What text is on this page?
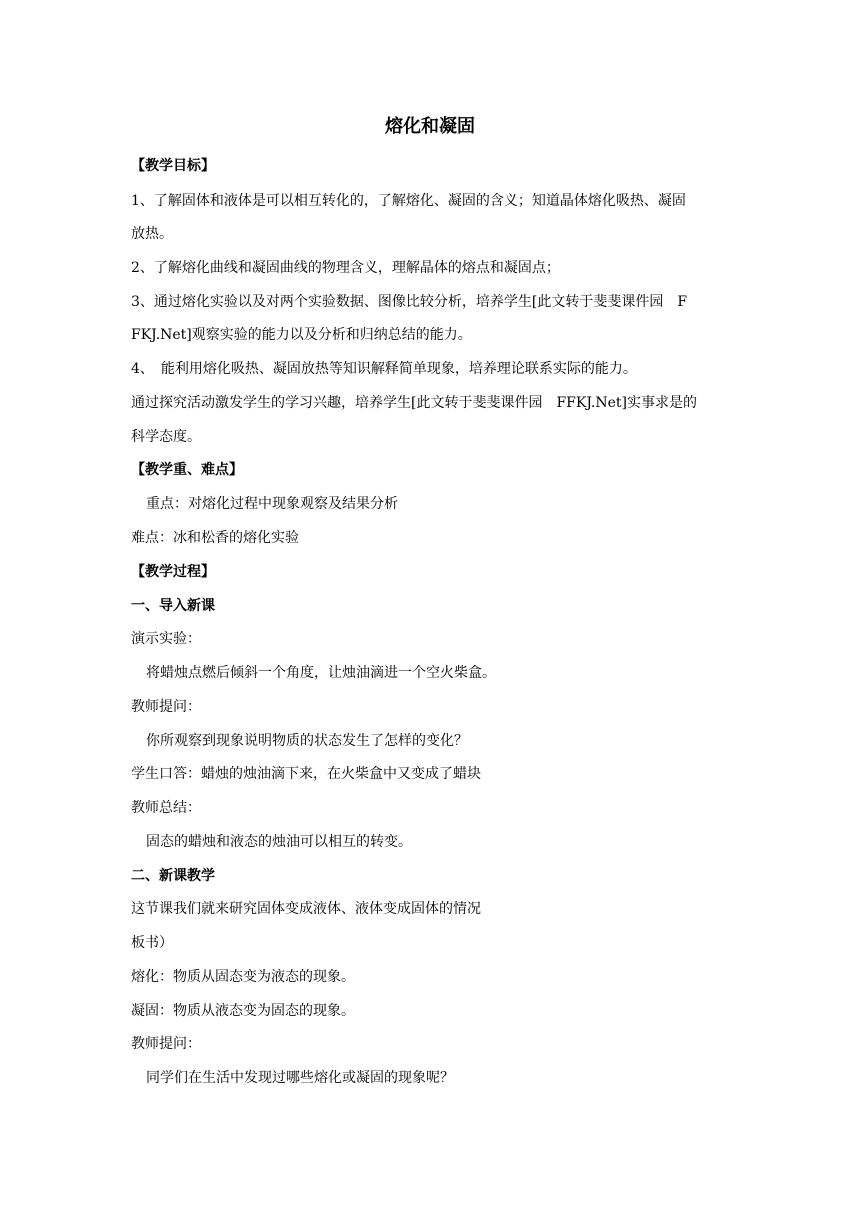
熔化和凝固
【教学目标】
1、了解固体和液体是可以相互转化的，了解熔化、凝固的含义；知道晶体熔化吸热、凝固
放热。
2、了解熔化曲线和凝固曲线的物理含义，理解晶体的熔点和凝固点；
3、通过熔化实验以及对两个实验数据、图像比较分析，培养学生[此文转于斐斐课件园　F
FKJ.Net]观察实验的能力以及分析和归纳总结的能力。
4、　能利用熔化吸热、凝固放热等知识解释简单现象，培养理论联系实际的能力。
通过探究活动激发学生的学习兴趣，培养学生[此文转于斐斐课件园　FFKJ.Net]实事求是的
科学态度。
【教学重、难点】
重点：对熔化过程中现象观察及结果分析
难点：冰和松香的熔化实验
【教学过程】
一、导入新课
演示实验：
将蜡烛点燃后倾斜一个角度，让烛油滴进一个空火柴盒。
教师提问：
你所观察到现象说明物质的状态发生了怎样的变化？
学生口答：蜡烛的烛油滴下来，在火柴盒中又变成了蜡块
教师总结：
固态的蜡烛和液态的烛油可以相互的转变。
二、新课教学
这节课我们就来研究固体变成液体、液体变成固体的情况
板书）
熔化：物质从固态变为液态的现象。
凝固：物质从液态变为固态的现象。
教师提问：
同学们在生活中发现过哪些熔化或凝固的现象呢？
